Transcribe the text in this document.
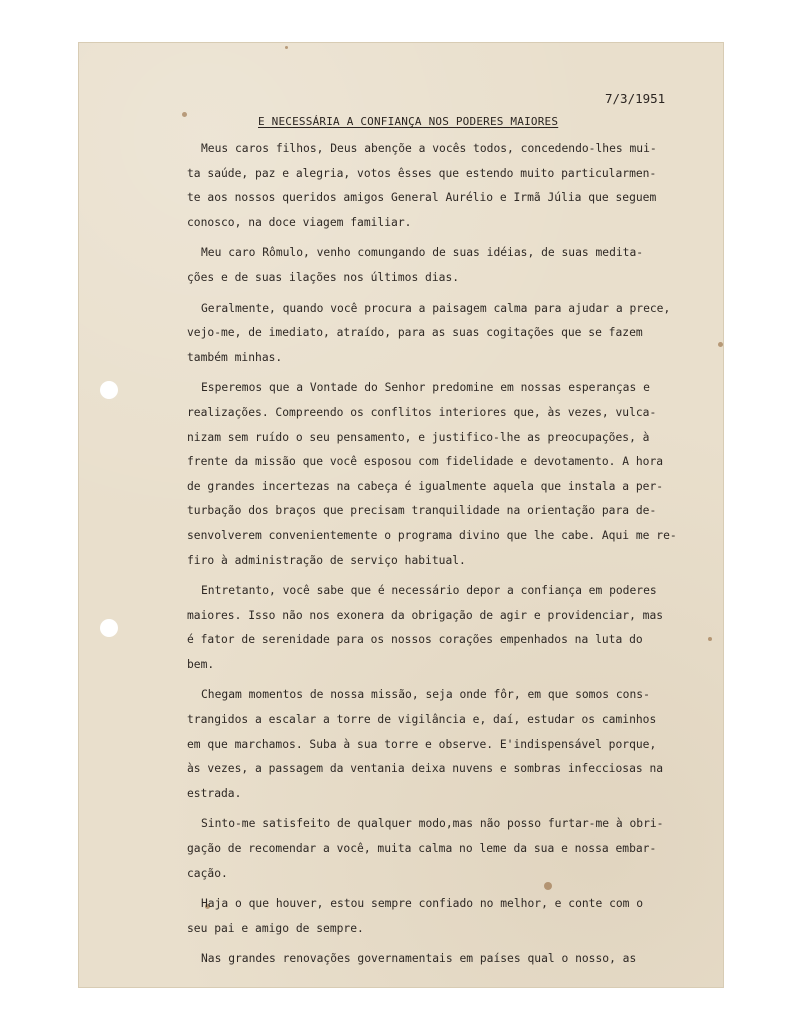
7/3/1951
E NECESSÁRIA A CONFIANÇA NOS PODERES MAIORES
Meus caros filhos, Deus abençõe a vocês todos, concedendo-lhes mui-
ta saúde, paz e alegria, votos êsses que estendo muito particularmen-
te aos nossos queridos amigos General Aurélio e Irmã Júlia que seguem
conosco, na doce viagem familiar.
Meu caro Rômulo, venho comungando de suas idéias, de suas medita-
ções e de suas ilações nos últimos dias.
Geralmente, quando você procura a paisagem calma para ajudar a prece,
vejo-me, de imediato, atraído, para as suas cogitações que se fazem
também minhas.
Esperemos que a Vontade do Senhor predomine em nossas esperanças e
realizações. Compreendo os conflitos interiores que, às vezes, vulca-
nizam sem ruído o seu pensamento, e justifico-lhe as preocupações, à
frente da missão que você esposou com fidelidade e devotamento. A hora
de grandes incertezas na cabeça é igualmente aquela que instala a per-
turbação dos braços que precisam tranquilidade na orientação para de-
senvolverem convenientemente o programa divino que lhe cabe. Aqui me re-
firo à administração de serviço habitual.
Entretanto, você sabe que é necessário depor a confiança em poderes
maiores. Isso não nos exonera da obrigação de agir e providenciar, mas
é fator de serenidade para os nossos corações empenhados na luta do
bem.
Chegam momentos de nossa missão, seja onde fôr, em que somos cons-
trangidos a escalar a torre de vigilância e, daí, estudar os caminhos
em que marchamos. Suba à sua torre e observe. E'indispensável porque,
às vezes, a passagem da ventania deixa nuvens e sombras infecciosas na
estrada.
Sinto-me satisfeito de qualquer modo,mas não posso furtar-me à obri-
gação de recomendar a você, muita calma no leme da sua e nossa embar-
cação.
Haja o que houver, estou sempre confiado no melhor, e conte com o
seu pai e amigo de sempre.
Nas grandes renovações governamentais em países qual o nosso, as
